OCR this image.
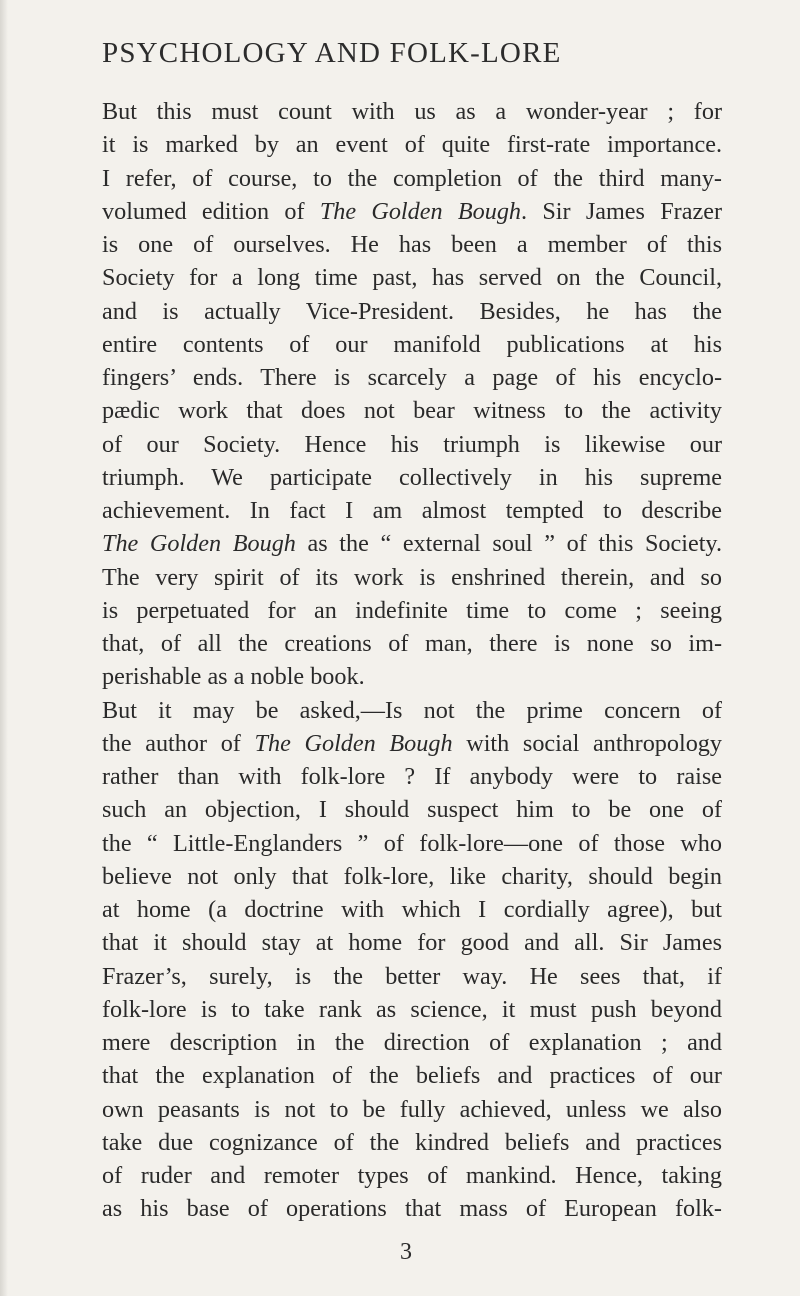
PSYCHOLOGY AND FOLK-LORE
But this must count with us as a wonder-year ; for
it is marked by an event of quite first-rate importance.
I refer, of course, to the completion of the third many-
volumed edition of The Golden Bough. Sir James Frazer
is one of ourselves. He has been a member of this
Society for a long time past, has served on the Council,
and is actually Vice-President. Besides, he has the
entire contents of our manifold publications at his
fingers’ ends. There is scarcely a page of his encyclo-
pædic work that does not bear witness to the activity
of our Society. Hence his triumph is likewise our
triumph. We participate collectively in his supreme
achievement. In fact I am almost tempted to describe
The Golden Bough as the “ external soul ” of this Society.
The very spirit of its work is enshrined therein, and so
is perpetuated for an indefinite time to come ; seeing
that, of all the creations of man, there is none so im-
perishable as a noble book.
But it may be asked,—Is not the prime concern of
the author of The Golden Bough with social anthropology
rather than with folk-lore ? If anybody were to raise
such an objection, I should suspect him to be one of
the “ Little-Englanders ” of folk-lore—one of those who
believe not only that folk-lore, like charity, should begin
at home (a doctrine with which I cordially agree), but
that it should stay at home for good and all. Sir James
Frazer’s, surely, is the better way. He sees that, if
folk-lore is to take rank as science, it must push beyond
mere description in the direction of explanation ; and
that the explanation of the beliefs and practices of our
own peasants is not to be fully achieved, unless we also
take due cognizance of the kindred beliefs and practices
of ruder and remoter types of mankind. Hence, taking
as his base of operations that mass of European folk-
3
